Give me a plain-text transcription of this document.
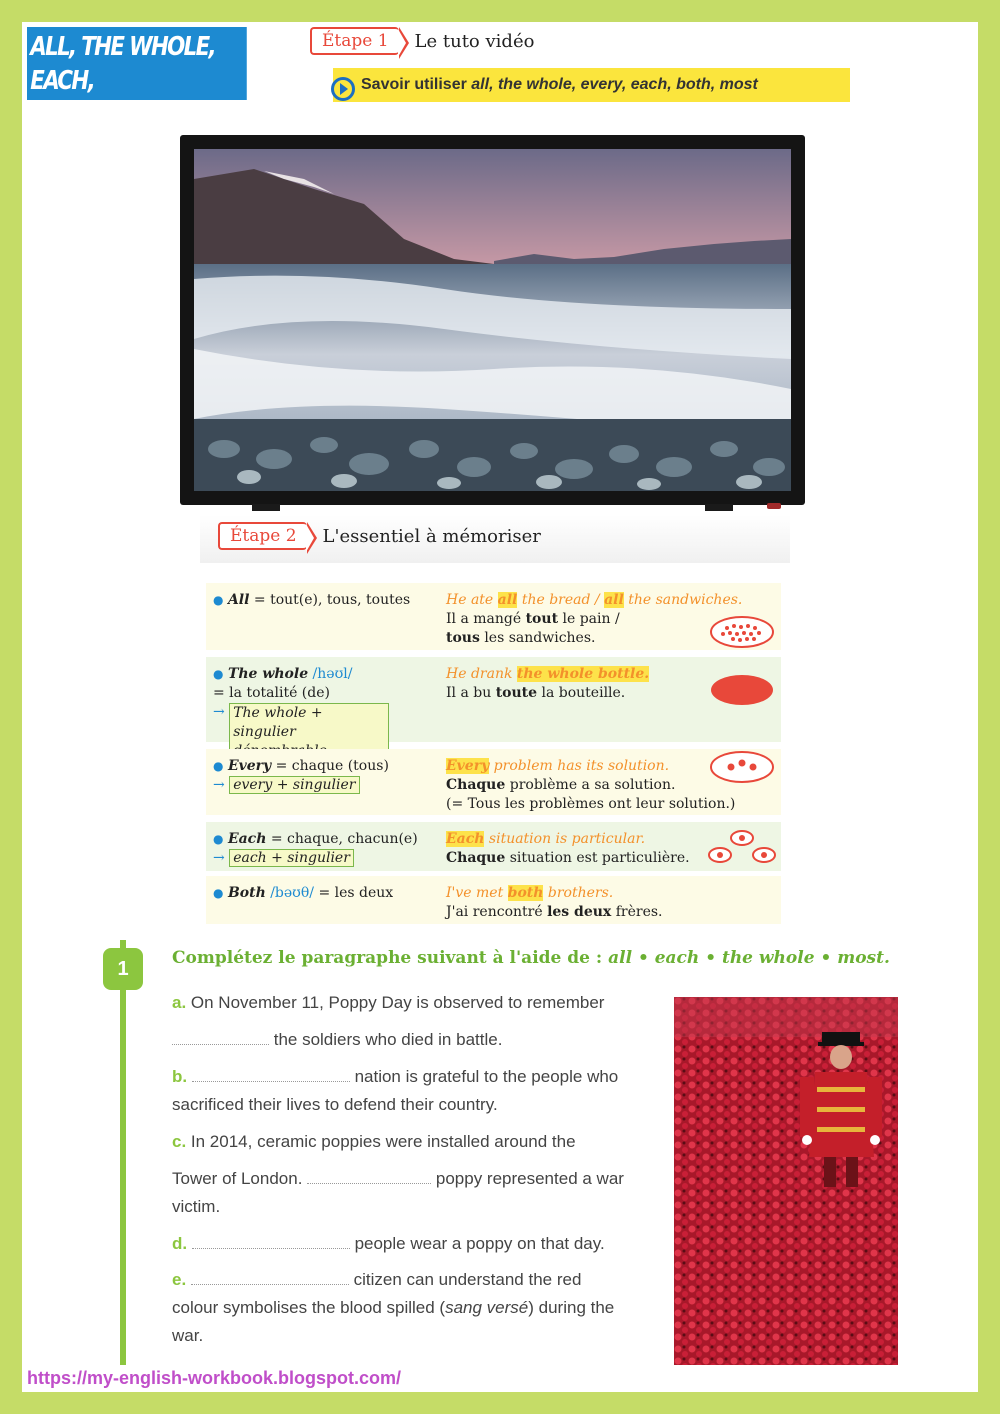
ALL, THE WHOLE, EACH,
EVERY, BOTH, MOST
Étape 1	Le tuto vidéo
Savoir utiliser
all, the whole, every, each, both, most
Étape 2	L'essentiel à mémoriser
● All = tout(e), tous, toutes	He ate all the bread / all the sandwiches.
Il a mangé tout le pain /
tous les sandwiches.
● The whole /həʊl/
= la totalité (de)
→ The whole + singulier
He drank the whole bottle.
Il a bu toute la bouteille.
● Every = chaque (tous)
→ every + singulier
Every problem has its solution.
Chaque problème a sa solution.
(= Tous les problèmes ont leur solution.)
● Each = chaque, chacun(e)
→ each + singulier
Each situation is particular.
Chaque situation est particulière.
● Both /bəʊθ/ = les deux	I've met both brothers.
J'ai rencontré les deux frères.
1	Complétez le paragraphe suivant à l'aide de : all • each • the whole • most.
a. On November 11, Poppy Day is observed to remember
the soldiers who died in battle.
b.	nation is grateful to the people who
sacrificed their lives to defend their country.
c. In 2014, ceramic poppies were installed around the
Tower of London.	poppy represented a war
victim.
d.	people wear a poppy on that day.
e.	citizen can understand the red
colour symbolises the blood spilled (sang versé) during the
war.
https://my-english-workbook.blogspot.com/
